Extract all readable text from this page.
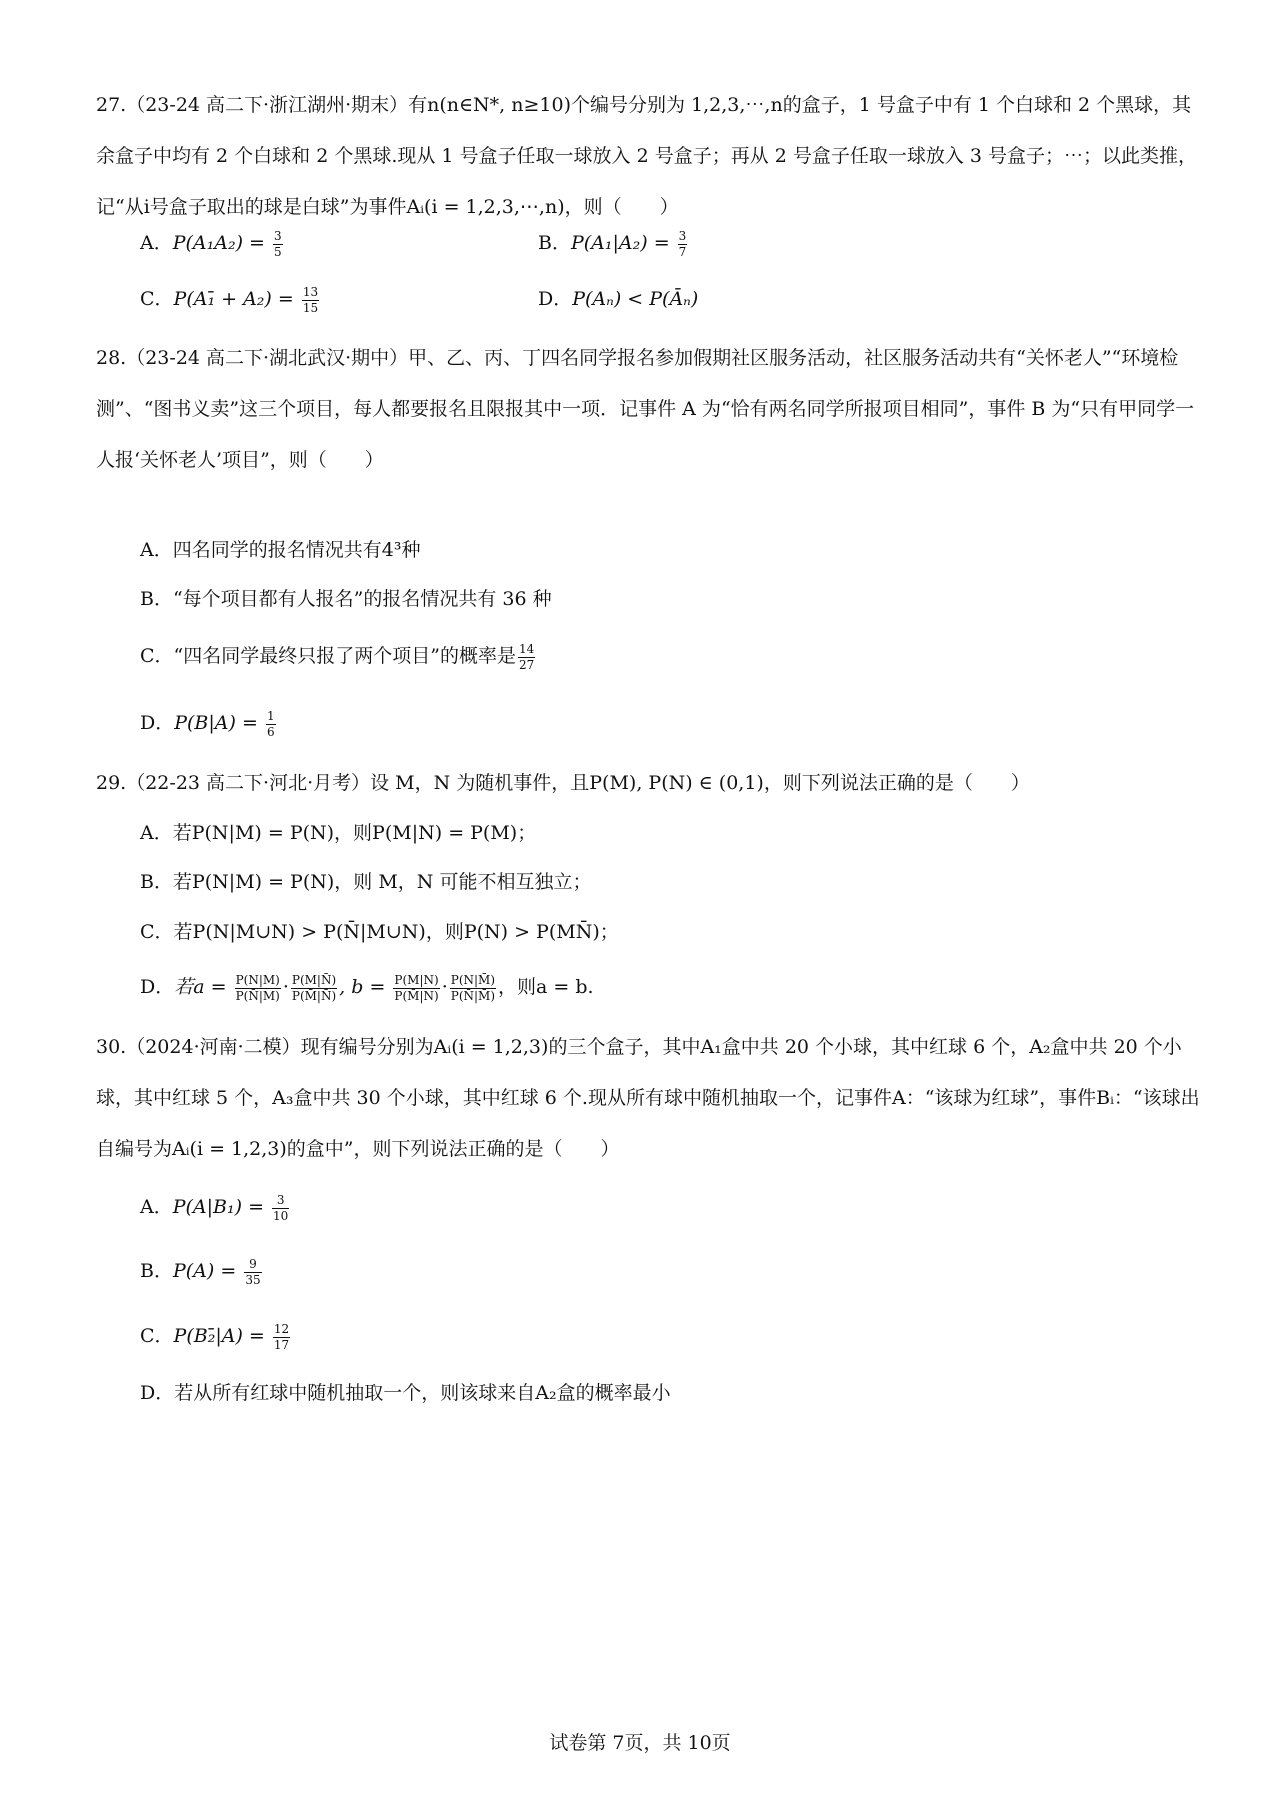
27.（23-24 高二下·浙江湖州·期末）有n(n∈N*, n≥10)个编号分别为 1,2,3,⋯,n的盒子，1 号盒子中有 1 个白球和 2 个黑球，其余盒子中均有 2 个白球和 2 个黑球.现从 1 号盒子任取一球放入 2 号盒子；再从 2 号盒子任取一球放入 3 号盒子；⋯；以此类推，记“从i号盒子取出的球是白球”为事件Aᵢ(i = 1,2,3,⋯,n)，则（　　）
A．$P(A_1A_2) = \frac{3}{5}$	B．$P(A_1|A_2) = \frac{3}{7}$
C．P(A₁̄ + $A_2) = \frac{13}{15}$	D．P(Aₙ) < P(Āₙ)
28.（23-24 高二下·湖北武汉·期中）甲、乙、丙、丁四名同学报名参加假期社区服务活动，社区服务活动共有“关怀老人”“环境检测”、“图书义卖”这三个项目，每人都要报名且限报其中一项．记事件 A 为“恰有两名同学所报项目相同”，事件 B 为“只有甲同学一人报‘关怀老人’项目”，则（　　）
A．四名同学的报名情况共有4³种
B．“每个项目都有人报名”的报名情况共有 36 种
C．“四名同学最终只报了两个项目”的概率是 $\frac{14}{27}$
D．$P(B|A) = \frac{1}{6}$
29.（22-23 高二下·河北·月考）设 M，N 为随机事件，且P(M), P(N) ∈ (0,1)，则下列说法正确的是（　　）
A．若P(N|M) = P(N)，则P(M|N) = P(M)；
B．若P(N|M) = P(N)，则 M，N 可能不相互独立；
C．若P(N|M∪N) > P(N̄|M∪N)，则P(N) > P(MN̄)；
D．若$a = \frac{P(N|M)}{P(N̄|M)} \cdot \frac{P(M|N̄)}{P(M̄|N̄)}$ , $b = \frac{P(M|N)}{P(M̄|N)} \cdot \frac{P(N|M̄)}{P(N̄|M̄)}$ ，则a = b.
30.（2024·河南·二模）现有编号分别为Aᵢ(i = 1,2,3)的三个盒子，其中A₁盒中共 20 个小球，其中红球 6 个，A₂盒中共 20 个小球，其中红球 5 个，A₃盒中共 30 个小球，其中红球 6 个.现从所有球中随机抽取一个，记事件A：“该球为红球”，事件Bᵢ：“该球出自编号为Aᵢ(i = 1,2,3)的盒中”，则下列说法正确的是（　　）
A．$P(A|B_1) = \frac{3}{10}$
B．$P(A) = \frac{9}{35}$
C．P(B₂̄|A) = $\frac{12}{17}$
D．若从所有红球中随机抽取一个，则该球来自A₂盒的概率最小
试卷第 7页，共 10页
